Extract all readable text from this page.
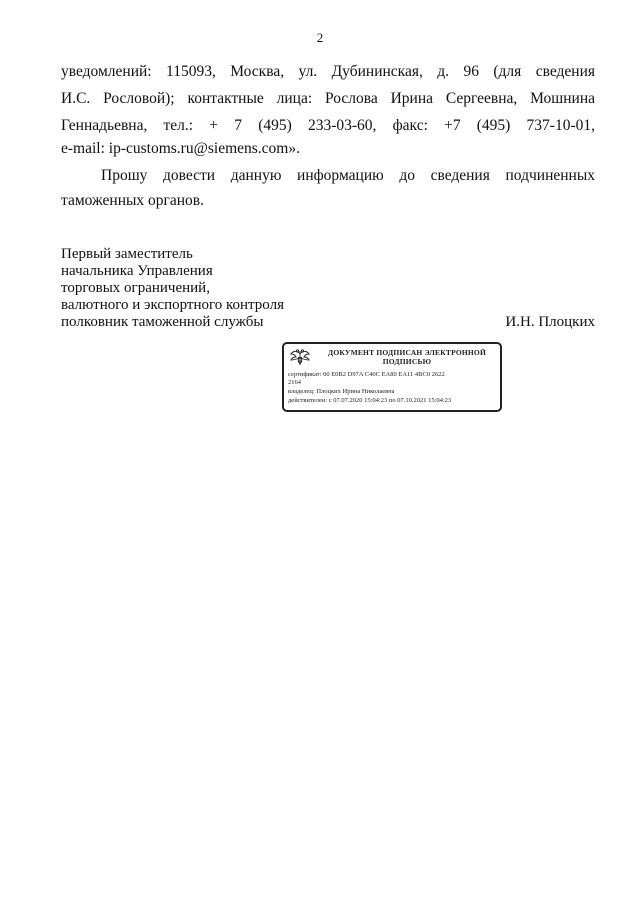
2
уведомлений: 115093, Москва, ул. Дубининская, д. 96 (для сведения
И.С. Рословой); контактные лица: Рослова Ирина Сергеевна, Мошнина
Геннадьевна, тел.: + 7 (495) 233-03-60, факс: +7 (495) 737-10-01,
e-mail: ip-customs.ru@siemens.com».
Прошу довести данную информацию до сведения подчиненных
таможенных органов.
Первый заместитель
начальника Управления
торговых ограничений,
валютного и экспортного контроля
полковник таможенной службы	И.Н. Плоцких
ДОКУМЕНТ ПОДПИСАН ЭЛЕКТРОННОЙ
ПОДПИСЬЮ
сертификат: 00 E0B2 D97A C40C EA80 EA11 4BC0 2622
2164
владелец: Плоцких Ирина Николаевна
действителен: с 07.07.2020 15:04:23 по 07.10.2021 15:04:23
